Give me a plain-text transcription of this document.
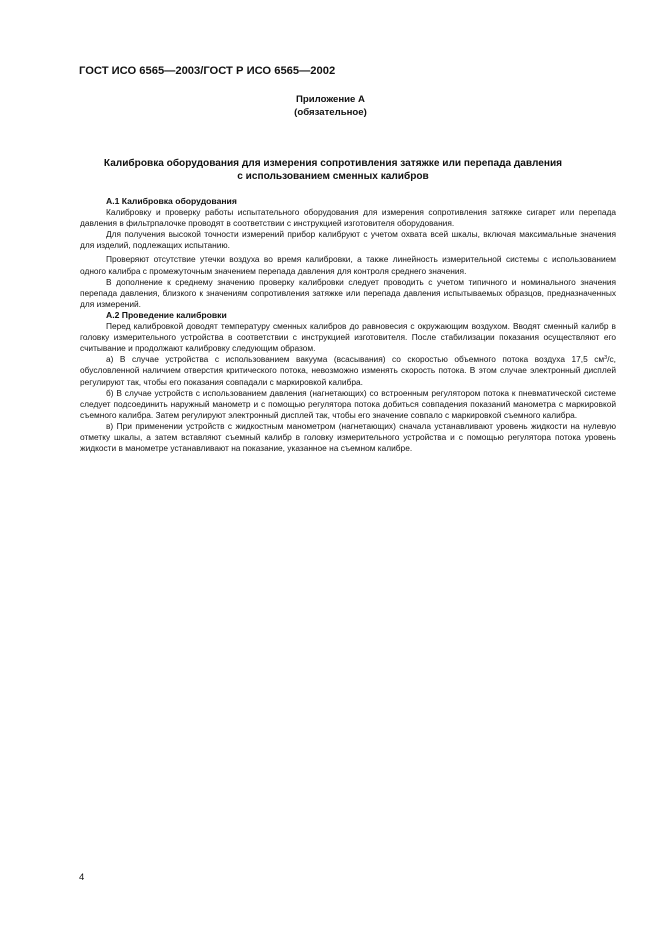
ГОСТ ИСО 6565—2003/ГОСТ Р ИСО 6565—2002
Приложение А
(обязательное)
Калибровка оборудования для измерения сопротивления затяжке или перепада давления
с использованием сменных калибров
А.1 Калибровка оборудования

Калибровку и проверку работы испытательного оборудования для измерения сопротивления затяжке сигарет или перепада давления в фильтрпалочке проводят в соответствии с инструкцией изготовителя оборудования.

Для получения высокой точности измерений прибор калибруют с учетом охвата всей шкалы, включая максимальные значения для изделий, подлежащих испытанию.

Проверяют отсутствие утечки воздуха во время калибровки, а также линейность измерительной системы с использованием одного калибра с промежуточным значением перепада давления для контроля среднего значения.

В дополнение к среднему значению проверку калибровки следует проводить с учетом типичного и номинального значения перепада давления, близкого к значениям сопротивления затяжке или перепада давления испытываемых образцов, предназначенных для измерений.

А.2 Проведение калибровки

Перед калибровкой доводят температуру сменных калибров до равновесия с окружающим воздухом. Вводят сменный калибр в головку измерительного устройства в соответствии с инструкцией изготовителя. После стабилизации показания осуществляют его считывание и продолжают калибровку следующим образом.

а) В случае устройства с использованием вакуума (всасывания) со скоростью объемного потока воздуха 17,5 $см^3/с$, обусловленной наличием отверстия критического потока, невозможно изменять скорость потока. В этом случае электронный дисплей регулируют так, чтобы его показания совпадали с маркировкой калибра.

б) В случае устройств с использованием давления (нагнетающих) со встроенным регулятором потока к пневматической системе следует подсоединить наружный манометр и с помощью регулятора потока добиться совпадения показаний манометра с маркировкой съемного калибра. Затем регулируют электронный дисплей так, чтобы его значение совпало с маркировкой съемного калибра.

в) При применении устройств с жидкостным манометром (нагнетающих) сначала устанавливают уровень жидкости на нулевую отметку шкалы, а затем вставляют съемный калибр в головку измерительного устройства и с помощью регулятора потока уровень жидкости в манометре устанавливают на показание, указанное на съемном калибре.

4
